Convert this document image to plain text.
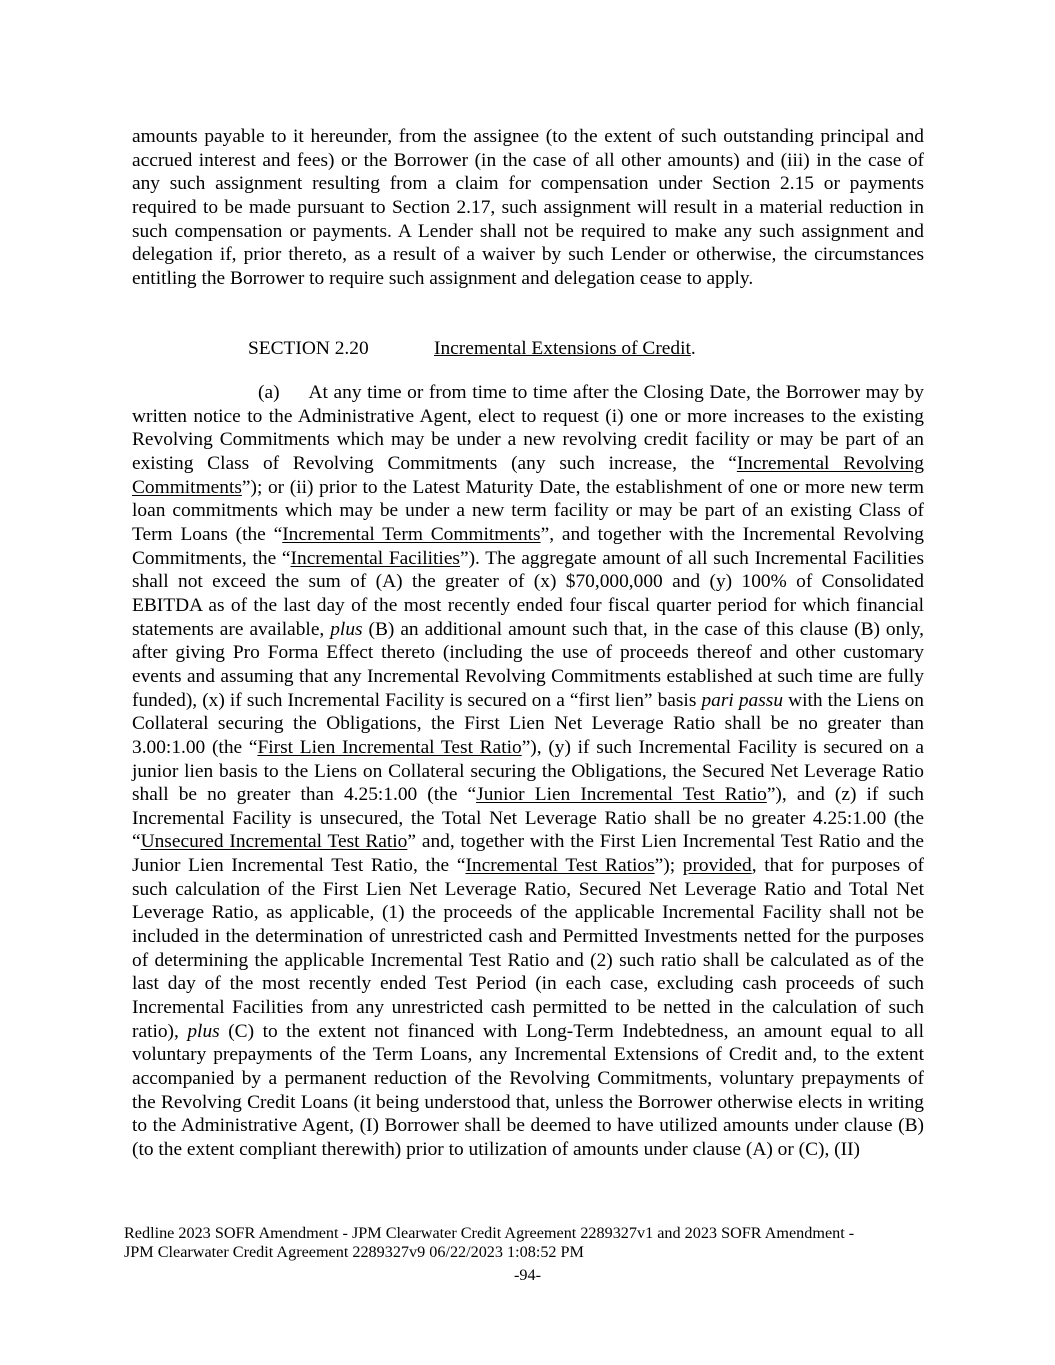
amounts payable to it hereunder, from the assignee (to the extent of such outstanding principal and accrued interest and fees) or the Borrower (in the case of all other amounts) and (iii) in the case of any such assignment resulting from a claim for compensation under Section 2.15 or payments required to be made pursuant to Section 2.17, such assignment will result in a material reduction in such compensation or payments. A Lender shall not be required to make any such assignment and delegation if, prior thereto, as a result of a waiver by such Lender or otherwise, the circumstances entitling the Borrower to require such assignment and delegation cease to apply.
SECTION 2.20	Incremental Extensions of Credit.
(a) At any time or from time to time after the Closing Date, the Borrower may by written notice to the Administrative Agent, elect to request (i) one or more increases to the existing Revolving Commitments which may be under a new revolving credit facility or may be part of an existing Class of Revolving Commitments (any such increase, the “Incremental Revolving Commitments”); or (ii) prior to the Latest Maturity Date, the establishment of one or more new term loan commitments which may be under a new term facility or may be part of an existing Class of Term Loans (the “Incremental Term Commitments”, and together with the Incremental Revolving Commitments, the “Incremental Facilities”). The aggregate amount of all such Incremental Facilities shall not exceed the sum of (A) the greater of (x) $70,000,000 and (y) 100% of Consolidated EBITDA as of the last day of the most recently ended four fiscal quarter period for which financial statements are available, plus (B) an additional amount such that, in the case of this clause (B) only, after giving Pro Forma Effect thereto (including the use of proceeds thereof and other customary events and assuming that any Incremental Revolving Commitments established at such time are fully funded), (x) if such Incremental Facility is secured on a “first lien” basis pari passu with the Liens on Collateral securing the Obligations, the First Lien Net Leverage Ratio shall be no greater than 3.00:1.00 (the “First Lien Incremental Test Ratio”), (y) if such Incremental Facility is secured on a junior lien basis to the Liens on Collateral securing the Obligations, the Secured Net Leverage Ratio shall be no greater than 4.25:1.00 (the “Junior Lien Incremental Test Ratio”), and (z) if such Incremental Facility is unsecured, the Total Net Leverage Ratio shall be no greater 4.25:1.00 (the “Unsecured Incremental Test Ratio” and, together with the First Lien Incremental Test Ratio and the Junior Lien Incremental Test Ratio, the “Incremental Test Ratios”); provided, that for purposes of such calculation of the First Lien Net Leverage Ratio, Secured Net Leverage Ratio and Total Net Leverage Ratio, as applicable, (1) the proceeds of the applicable Incremental Facility shall not be included in the determination of unrestricted cash and Permitted Investments netted for the purposes of determining the applicable Incremental Test Ratio and (2) such ratio shall be calculated as of the last day of the most recently ended Test Period (in each case, excluding cash proceeds of such Incremental Facilities from any unrestricted cash permitted to be netted in the calculation of such ratio), plus (C) to the extent not financed with Long-Term Indebtedness, an amount equal to all voluntary prepayments of the Term Loans, any Incremental Extensions of Credit and, to the extent accompanied by a permanent reduction of the Revolving Commitments, voluntary prepayments of the Revolving Credit Loans (it being understood that, unless the Borrower otherwise elects in writing to the Administrative Agent, (I) Borrower shall be deemed to have utilized amounts under clause (B) (to the extent compliant therewith) prior to utilization of amounts under clause (A) or (C), (II)
Redline 2023 SOFR Amendment - JPM Clearwater Credit Agreement 2289327v1 and 2023 SOFR Amendment -
JPM Clearwater Credit Agreement 2289327v9 06/22/2023 1:08:52 PM
-94-
